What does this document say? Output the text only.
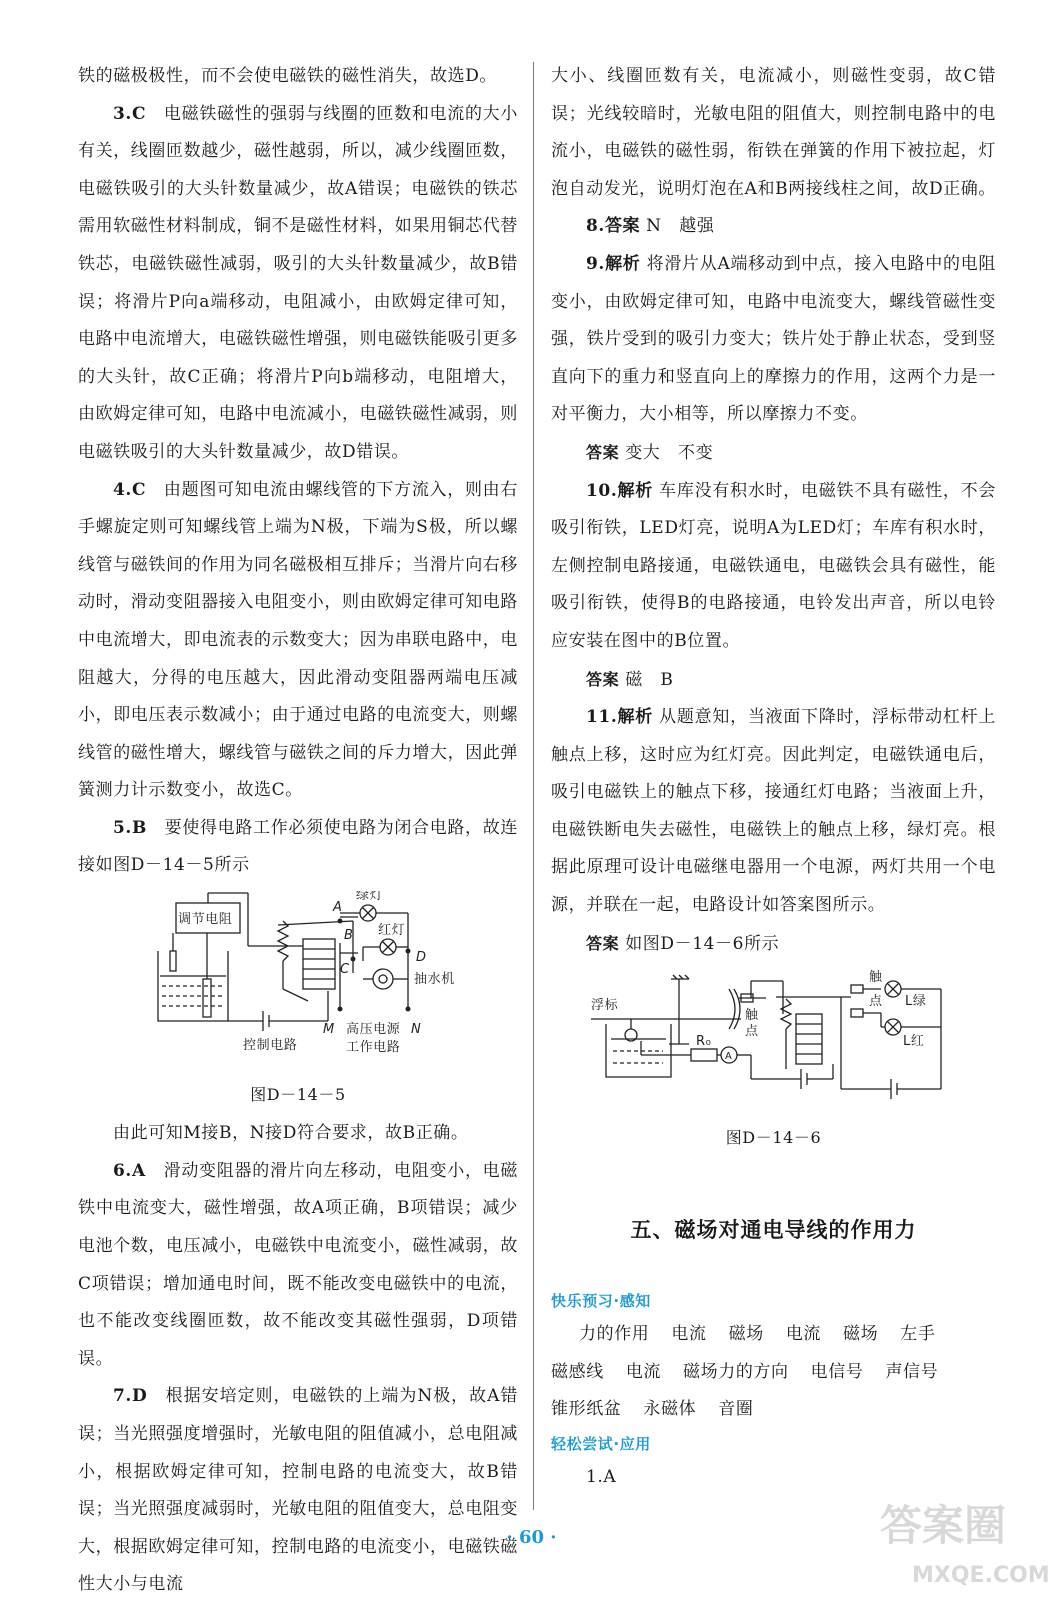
铁的磁极极性，而不会使电磁铁的磁性消失，故选D。

3.C　 电磁铁磁性的强弱与线圈的匝数和电流的大小有关，线圈匝数越少，磁性越弱，所以，减少线圈匝数，电磁铁吸引的大头针数量减少，故A错误；电磁铁的铁芯需用软磁性材料制成，铜不是磁性材料，如果用铜芯代替铁芯，电磁铁磁性减弱，吸引的大头针数量减少，故B错误；将滑片P向a端移动，电阻减小，由欧姆定律可知，电路中电流增大，电磁铁磁性增强，则电磁铁能吸引更多的大头针，故C正确；将滑片P向b端移动，电阻增大，由欧姆定律可知，电路中电流减小，电磁铁磁性减弱，则电磁铁吸引的大头针数量减少，故D错误。

4.C　 由题图可知电流由螺线管的下方流入，则由右手螺旋定则可知螺线管上端为N极，下端为S极，所以螺线管与磁铁间的作用为同名磁极相互排斥；当滑片向右移动时，滑动变阻器接入电阻变小，则由欧姆定律可知电路中电流增大，即电流表的示数变大；因为串联电路中，电阻越大，分得的电压越大，因此滑动变阻器两端电压减小，即电压表示数减小；由于通过电路的电流变大，则螺线管的磁性增大，螺线管与磁铁之间的斥力增大，因此弹簧测力计示数变小，故选C。

5.B　 要使得电路工作必须使电路为闭合电路，故连接如图D－14－5所示

绿灯
红灯
调节电阻
抽水机
控制电路
高压电源
工作电路
A
B
C
D
M	N
图D－14－5

由此可知M接B，N接D符合要求，故B正确。

6.A　 滑动变阻器的滑片向左移动，电阻变小，电磁铁中电流变大，磁性增强，故A项正确，B项错误；减少电池个数，电压减小，电磁铁中电流变小，磁性减弱，故C项错误；增加通电时间，既不能改变电磁铁中的电流，也不能改变线圈匝数，故不能改变其磁性强弱，D项错误。

7.D　 根据安培定则，电磁铁的上端为N极，故A错误；当光照强度增强时，光敏电阻的阻值减小，总电阻减小，根据欧姆定律可知，控制电路的电流变大，故B错误；当光照强度减弱时，光敏电阻的阻值变大，总电阻变大，根据欧姆定律可知，控制电路的电流变小，电磁铁磁性大小与电流

大小、线圈匝数有关，电流减小，则磁性变弱，故C错误；光线较暗时，光敏电阻的阻值大，则控制电路中的电流小，电磁铁的磁性弱，衔铁在弹簧的作用下被拉起，灯泡自动发光，说明灯泡在A和B两接线柱之间，故D正确。

8.答案 N　越强

9.解析 将滑片从A端移动到中点，接入电路中的电阻变小，由欧姆定律可知，电路中电流变大，螺线管磁性变强，铁片受到的吸引力变大；铁片处于静止状态，受到竖直向下的重力和竖直向上的摩擦力的作用，这两个力是一对平衡力，大小相等，所以摩擦力不变。

答案 变大　不变

10.解析 车库没有积水时，电磁铁不具有磁性，不会吸引衔铁，LED灯亮，说明A为LED灯；车库有积水时，左侧控制电路接通，电磁铁通电，电磁铁会具有磁性，能吸引衔铁，使得B的电路接通，电铃发出声音，所以电铃应安装在图中的B位置。

答案 磁　B

11.解析 从题意知，当液面下降时，浮标带动杠杆上触点上移，这时应为红灯亮。因此判定，电磁铁通电后，吸引电磁铁上的触点下移，接通红灯电路；当液面上升，电磁铁断电失去磁性，电磁铁上的触点上移，绿灯亮。根据此原理可设计电磁继电器用一个电源，两灯共用一个电源，并联在一起，电路设计如答案图所示。

答案 如图D－14－6所示

浮标
触
点
触
点
R₀
A
L绿
L红
图D－14－6
五、磁场对通电导线的作用力
快乐预习·感知
力的作用 电流 磁场 电流 磁场 左手
磁感线 电流 磁场力的方向 电信号 声信号
锥形纸盆 永磁体 音圈
轻松尝试·应用

1.A

· 60 ·	答案圈
MXQE.COM
